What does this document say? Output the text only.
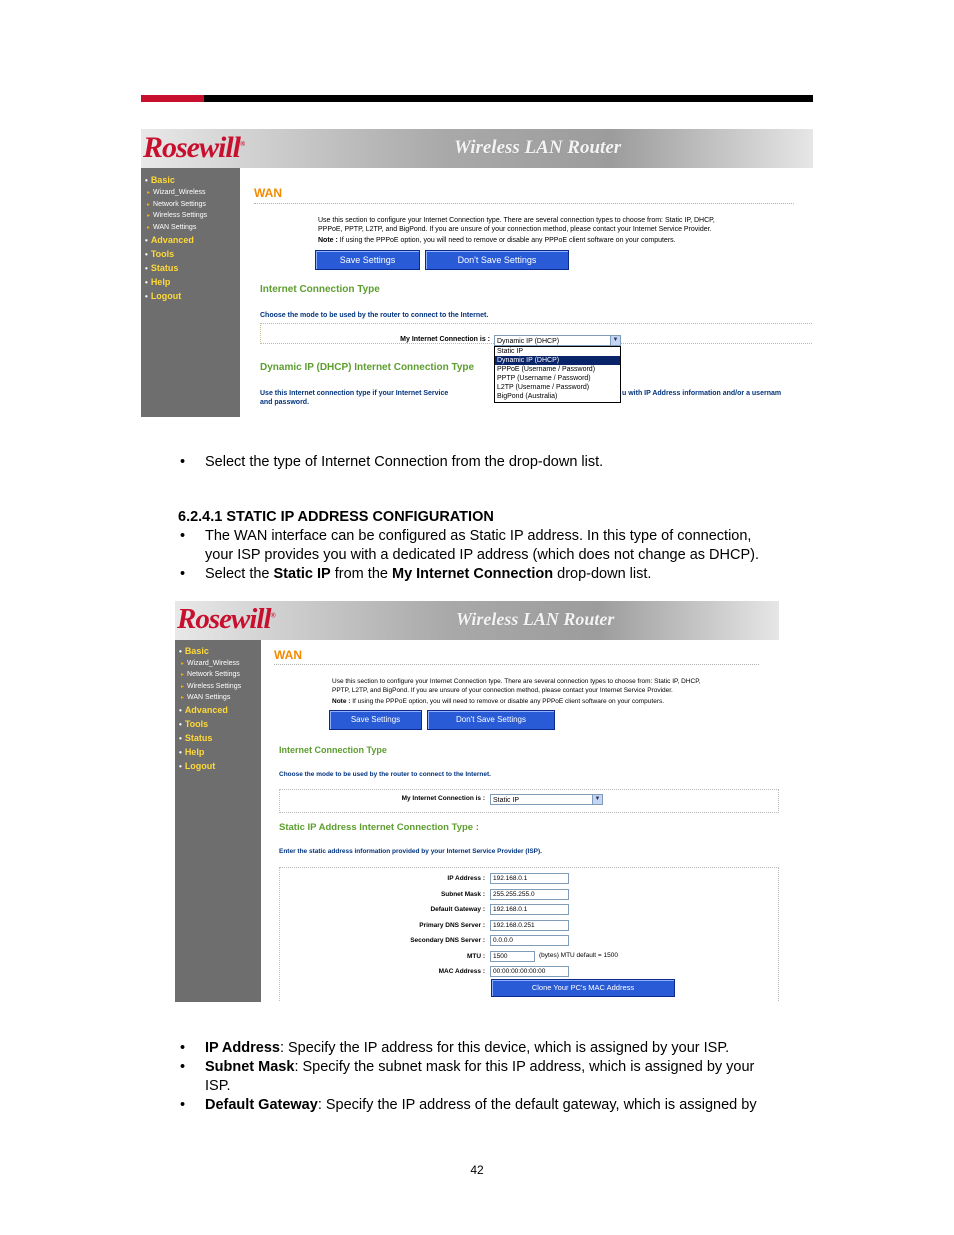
Rosewill®	Wireless LAN Router
• Basic
▸ Wizard_Wireless
▸ Network Settings
▸ Wireless Settings
▸ WAN Settings
• Advanced
• Tools
• Status
• Help
• Logout
WAN
Use this section to configure your Internet Connection type. There are several connection types to choose from: Static IP, DHCP,
PPPoE, PPTP, L2TP, and BigPond. If you are unsure of your connection method, please contact your Internet Service Provider.
Note : If using the PPPoE option, you will need to remove or disable any PPPoE client software on your computers.
Save Settings	Don't Save Settings
Internet Connection Type
Choose the mode to be used by the router to connect to the Internet.
My Internet Connection is :	Dynamic IP (DHCP)	▼
Dynamic IP (DHCP) Internet Connection Type
Use this Internet connection type if your Internet Service	u with IP Address information and/or a usernam
and password.
Static IP
Dynamic IP (DHCP)
PPPoE (Username / Password)
PPTP (Username / Password)
L2TP (Username / Password)
BigPond (Australia)
• Select the type of Internet Connection from the drop-down list.
6.2.4.1 STATIC IP ADDRESS CONFIGURATION
• The WAN interface can be configured as Static IP address. In this type of connection,
your ISP provides you with a dedicated IP address (which does not change as DHCP).
• Select the Static IP from the My Internet Connection drop-down list.
Rosewill®	Wireless LAN Router
• Basic
▸ Wizard_Wireless
▸ Network Settings
▸ Wireless Settings
▸ WAN Settings
• Advanced
• Tools
• Status
• Help
• Logout
WAN
Use this section to configure your Internet Connection type. There are several connection types to choose from: Static IP, DHCP,
PPTP, L2TP, and BigPond. If you are unsure of your connection method, please contact your Internet Service Provider.
Note : If using the PPPoE option, you will need to remove or disable any PPPoE client software on your computers.
Save Settings	Don't Save Settings
Internet Connection Type
Choose the mode to be used by the router to connect to the Internet.
My Internet Connection is :	Static IP	▼
Static IP Address Internet Connection Type :
Enter the static address information provided by your Internet Service Provider (ISP).
IP Address :	192.168.0.1
Subnet Mask :	255.255.255.0
Default Gateway :	192.168.0.1
Primary DNS Server :	192.168.0.251
Secondary DNS Server :	0.0.0.0
MTU :	1500
MAC Address :	00:00:00:00:00:00
(bytes) MTU default = 1500
Clone Your PC's MAC Address
• IP Address: Specify the IP address for this device, which is assigned by your ISP.
• Subnet Mask: Specify the subnet mask for this IP address, which is assigned by your
ISP.
• Default Gateway: Specify the IP address of the default gateway, which is assigned by
42
